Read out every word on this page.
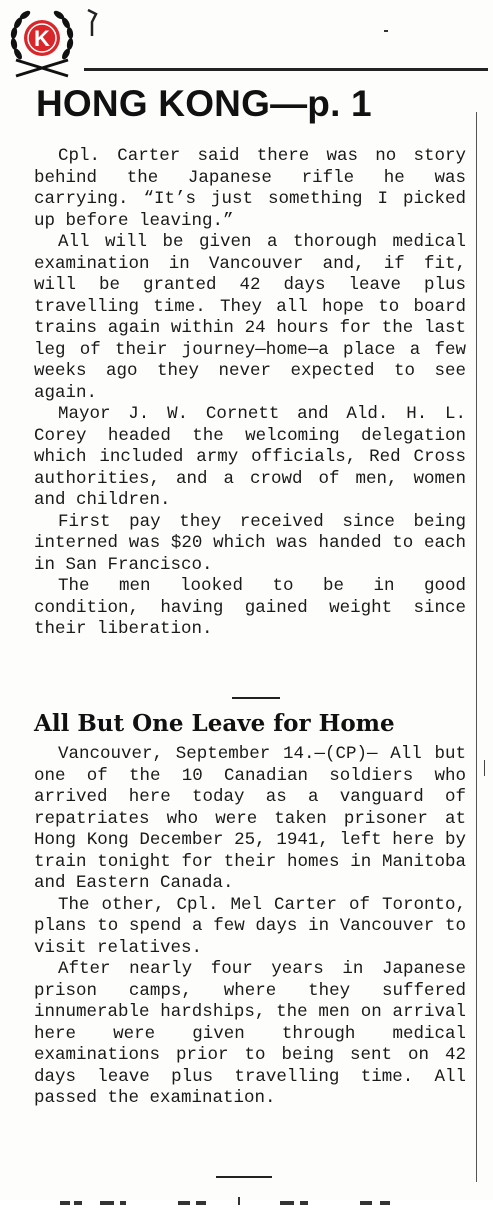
K
HONG KONG—p. 1

Cpl. Carter said there was no story behind the Japanese rifle he was carrying. “It’s just something I picked up before leaving.”

All will be given a thorough medical examination in Vancouver and, if fit, will be granted 42 days leave plus travelling time. They all hope to board trains again within 24 hours for the last leg of their journey—home—a place a few weeks ago they never expected to see again.

Mayor J. W. Cornett and Ald. H. L. Corey headed the welcoming delegation which included army officials, Red Cross authorities, and a crowd of men, women and children.

First pay they received since being interned was $20 which was handed to each in San Francisco.

The men looked to be in good condition, having gained weight since their liberation.

All But One Leave for Home

Vancouver, September 14.—(CP)— All but one of the 10 Canadian soldiers who arrived here today as a vanguard of repatriates who were taken prisoner at Hong Kong December 25, 1941, left here by train tonight for their homes in Manitoba and Eastern Canada.

The other, Cpl. Mel Carter of Toronto, plans to spend a few days in Vancouver to visit relatives.

After nearly four years in Japanese prison camps, where they suffered innumerable hardships, the men on arrival here were given through medical examinations prior to being sent on 42 days leave plus travelling time. All passed the examination.
